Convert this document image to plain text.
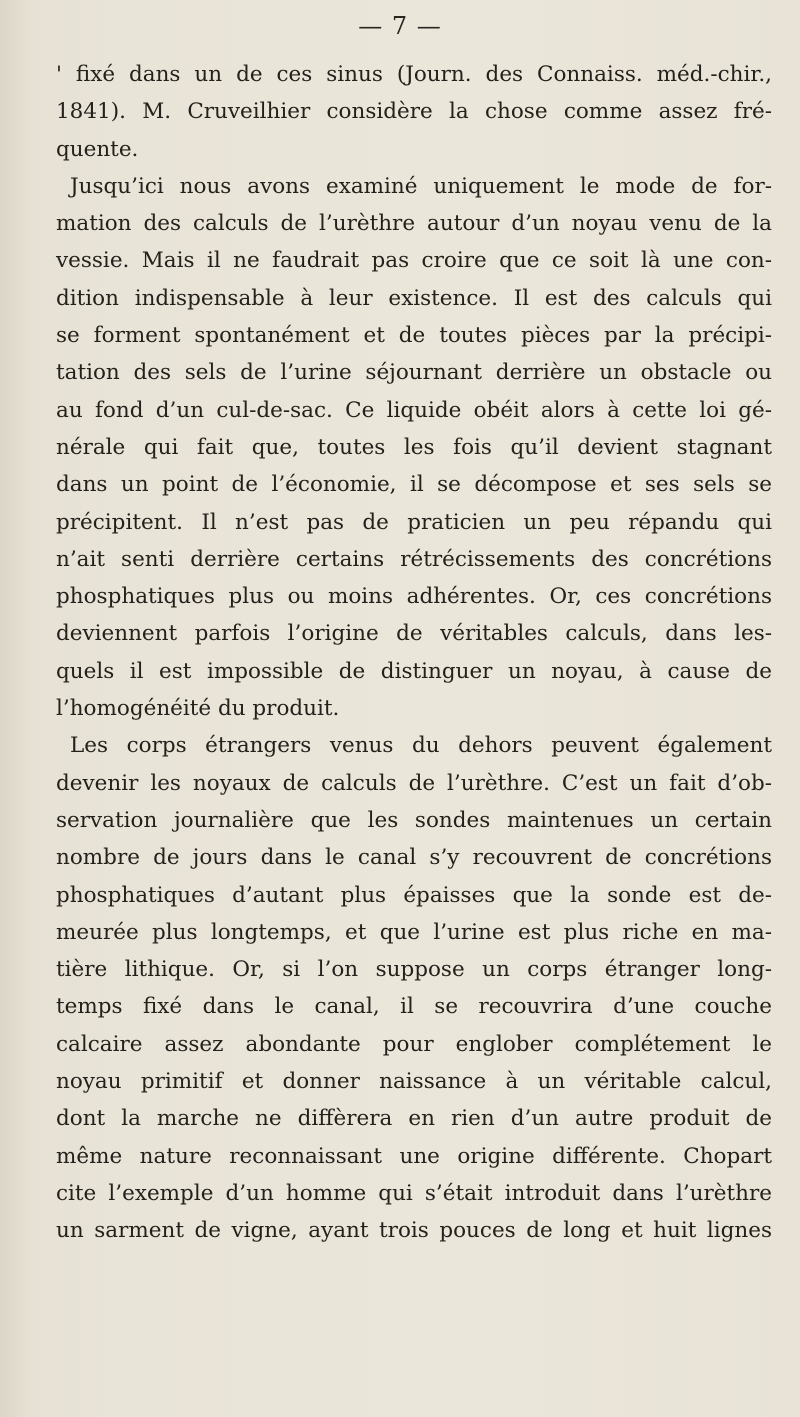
— 7 —
' fixé dans un de ces sinus (Journ. des Connaiss. méd.-chir.,
1841). M. Cruveilhier considère la chose comme assez fré-
quente.
Jusqu’ici nous avons examiné uniquement le mode de for-
mation des calculs de l’urèthre autour d’un noyau venu de la
vessie. Mais il ne faudrait pas croire que ce soit là une con-
dition indispensable à leur existence. Il est des calculs qui
se forment spontanément et de toutes pièces par la précipi-
tation des sels de l’urine séjournant derrière un obstacle ou
au fond d’un cul-de-sac. Ce liquide obéit alors à cette loi gé-
nérale qui fait que, toutes les fois qu’il devient stagnant
dans un point de l’économie, il se décompose et ses sels se
précipitent. Il n’est pas de praticien un peu répandu qui
n’ait senti derrière certains rétrécissements des concrétions
phosphatiques plus ou moins adhérentes. Or, ces concrétions
deviennent parfois l’origine de véritables calculs, dans les-
quels il est impossible de distinguer un noyau, à cause de
l’homogénéité du produit.
Les corps étrangers venus du dehors peuvent également
devenir les noyaux de calculs de l’urèthre. C’est un fait d’ob-
servation journalière que les sondes maintenues un certain
nombre de jours dans le canal s’y recouvrent de concrétions
phosphatiques d’autant plus épaisses que la sonde est de-
meurée plus longtemps, et que l’urine est plus riche en ma-
tière lithique. Or, si l’on suppose un corps étranger long-
temps fixé dans le canal, il se recouvrira d’une couche
calcaire assez abondante pour englober complétement le
noyau primitif et donner naissance à un véritable calcul,
dont la marche ne diffèrera en rien d’un autre produit de
même nature reconnaissant une origine différente. Chopart
cite l’exemple d’un homme qui s’était introduit dans l’urèthre
un sarment de vigne, ayant trois pouces de long et huit lignes
